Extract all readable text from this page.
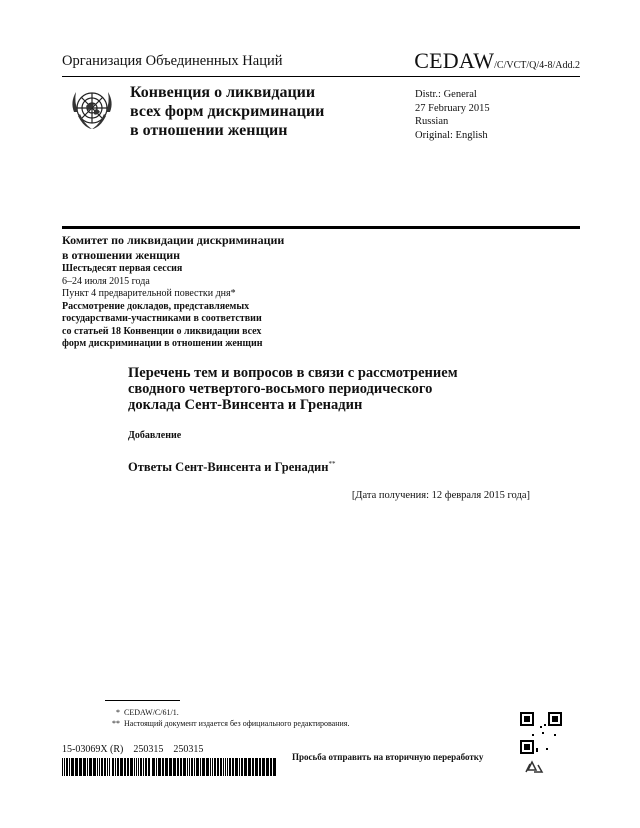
Организация Объединенных Наций	CEDAW/C/VCT/Q/4-8/Add.2
Конвенция о ликвидации
всех форм дискриминации
в отношении женщин
Distr.: General
27 February 2015
Russian
Original: English
Комитет по ликвидации дискриминации
в отношении женщин
Шестьдесят первая сессия
6–24 июля 2015 года
Пункт 4 предварительной повестки дня*
Рассмотрение докладов, представляемых
государствами-участниками в соответствии
со статьей 18 Конвенции о ликвидации всех
форм дискриминации в отношении женщин
Перечень тем и вопросов в связи с рассмотрением
сводного четвертого-восьмого периодического
доклада Сент-Винсента и Гренадин
Добавление
Ответы Сент-Винсента и Гренадин**
[Дата получения: 12 февраля 2015 года]
* CEDAW/C/61/1.
** Настоящий документ издается без официального редактирования.
15-03069X (R)    250315    250315
Просьба отправить на вторичную переработку
